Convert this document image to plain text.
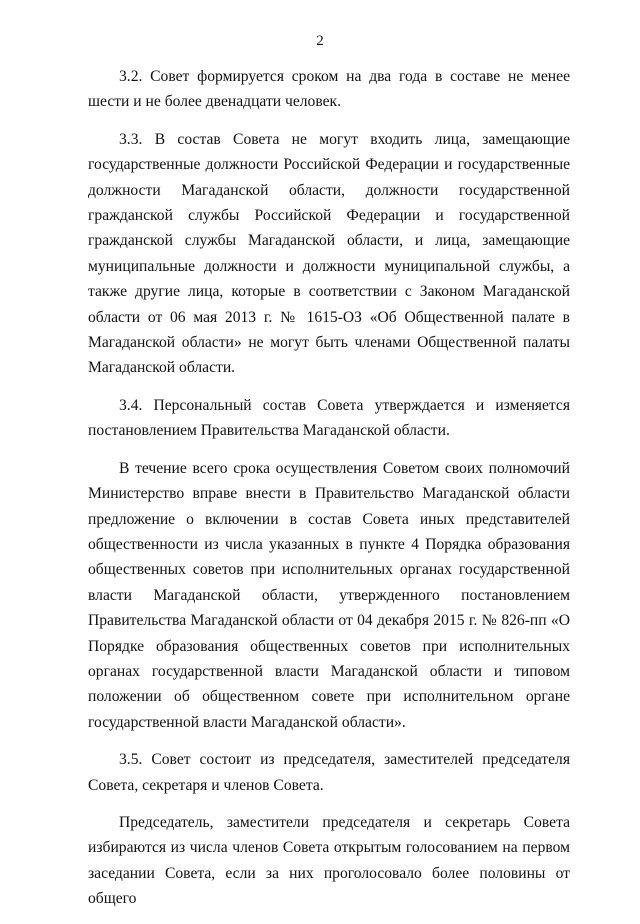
2

3.2. Совет формируется сроком на два года в составе не менее шести и не более двенадцати человек.

3.3. В состав Совета не могут входить лица, замещающие государственные должности Российской Федерации и государственные должности Магаданской области, должности государственной гражданской службы Российской Федерации и государственной гражданской службы Магаданской области, и лица, замещающие муниципальные должности и должности муниципальной службы, а также другие лица, которые в соответствии с Законом Магаданской области от 06 мая 2013 г. № 1615-ОЗ «Об Общественной палате в Магаданской области» не могут быть членами Общественной палаты Магаданской области.

3.4. Персональный состав Совета утверждается и изменяется постановлением Правительства Магаданской области.

В течение всего срока осуществления Советом своих полномочий Министерство вправе внести в Правительство Магаданской области предложение о включении в состав Совета иных представителей общественности из числа указанных в пункте 4 Порядка образования общественных советов при исполнительных органах государственной власти Магаданской области, утвержденного постановлением Правительства Магаданской области от 04 декабря 2015 г. № 826-пп «О Порядке образования общественных советов при исполнительных органах государственной власти Магаданской области и типовом положении об общественном совете при исполнительном органе государственной власти Магаданской области».

3.5. Совет состоит из председателя, заместителей председателя Совета, секретаря и членов Совета.

Председатель, заместители председателя и секретарь Совета избираются из числа членов Совета открытым голосованием на первом заседании Совета, если за них проголосовало более половины от общего
